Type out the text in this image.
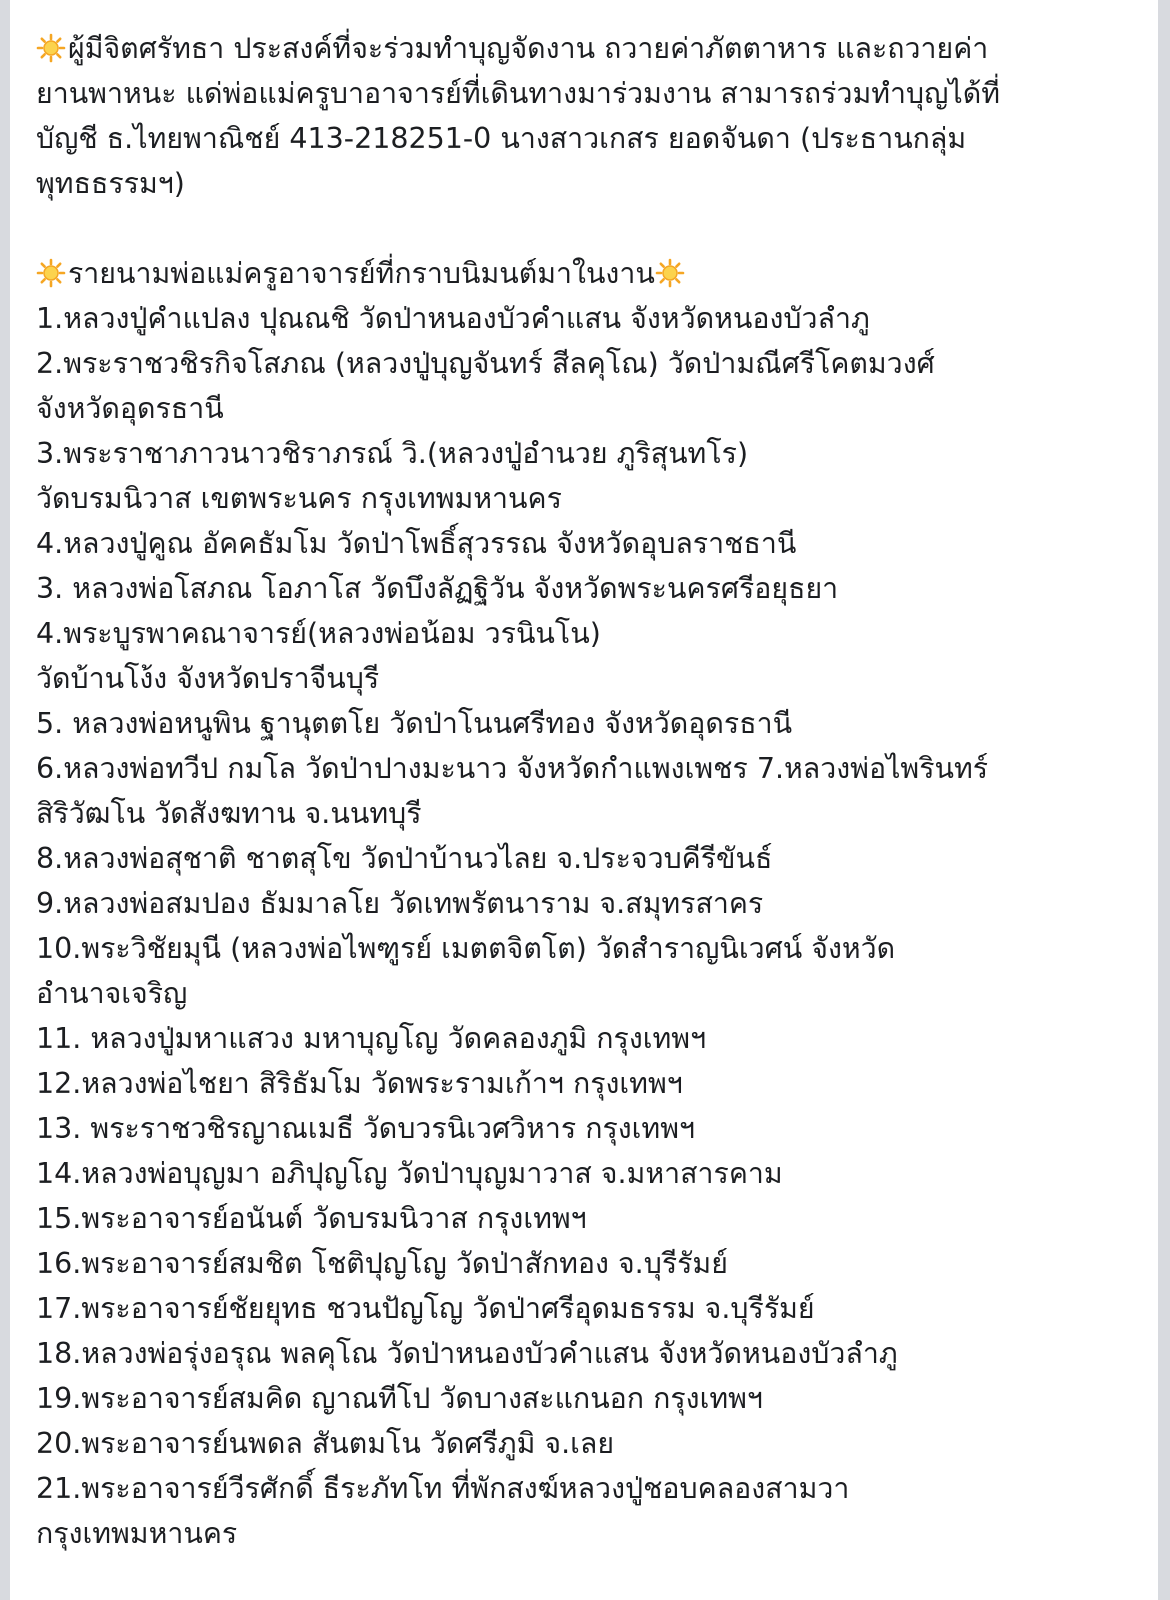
ผู้มีจิตศรัทธา ประสงค์ที่จะร่วมทำบุญจัดงาน ถวายค่าภัตตาหาร และถวายค่า
ยานพาหนะ แด่พ่อแม่ครูบาอาจารย์ที่เดินทางมาร่วมงาน สามารถร่วมทำบุญได้ที่
บัญชี ธ.ไทยพาณิชย์ 413-218251-0 นางสาวเกสร ยอดจันดา (ประธานกลุ่ม
พุทธธรรมฯ)
รายนามพ่อแม่ครูอาจารย์ที่กราบนิมนต์มาในงาน
1.หลวงปู่คำแปลง ปุณณชิ วัดป่าหนองบัวคำแสน จังหวัดหนองบัวลำภู
2.พระราชวชิรกิจโสภณ (หลวงปู่บุญจันทร์ สีลคุโณ) วัดป่ามณีศรีโคตมวงศ์
จังหวัดอุดรธานี
3.พระราชาภาวนาวชิราภรณ์ วิ.(หลวงปู่อำนวย ภูริสุนทโร)
วัดบรมนิวาส เขตพระนคร กรุงเทพมหานคร
4.หลวงปู่คูณ อัคคธัมโม วัดป่าโพธิ์สุวรรณ จังหวัดอุบลราชธานี
3. หลวงพ่อโสภณ โอภาโส วัดบึงลัฏฐิวัน จังหวัดพระนครศรีอยุธยา
4.พระบูรพาคณาจารย์(หลวงพ่อน้อม วรนินโน)
วัดบ้านโง้ง จังหวัดปราจีนบุรี
5. หลวงพ่อหนูพิน ฐานุตตโย วัดป่าโนนศรีทอง จังหวัดอุดรธานี
6.หลวงพ่อทวีป กมโล วัดป่าปางมะนาว จังหวัดกำแพงเพชร 7.หลวงพ่อไพรินทร์
สิริวัฒโน วัดสังฆทาน จ.นนทบุรี
8.หลวงพ่อสุชาติ ชาตสุโข วัดป่าบ้านวไลย จ.ประจวบคีรีขันธ์
9.หลวงพ่อสมปอง ธัมมาลโย วัดเทพรัตนาราม จ.สมุทรสาคร
10.พระวิชัยมุนี (หลวงพ่อไพฑูรย์ เมตตจิตโต) วัดสำราญนิเวศน์ จังหวัด
อำนาจเจริญ
11. หลวงปู่มหาแสวง มหาบุญโญ วัดคลองภูมิ กรุงเทพฯ
12.หลวงพ่อไชยา สิริธัมโม วัดพระรามเก้าฯ กรุงเทพฯ
13. พระราชวชิรญาณเมธี วัดบวรนิเวศวิหาร กรุงเทพฯ
14.หลวงพ่อบุญมา อภิปุญโญ วัดป่าบุญมาวาส จ.มหาสารคาม
15.พระอาจารย์อนันต์ วัดบรมนิวาส กรุงเทพฯ
16.พระอาจารย์สมชิต โชติปุญโญ วัดป่าสักทอง จ.บุรีรัมย์
17.พระอาจารย์ชัยยุทธ ชวนปัญโญ วัดป่าศรีอุดมธรรม จ.บุรีรัมย์
18.หลวงพ่อรุ่งอรุณ พลคุโณ วัดป่าหนองบัวคำแสน จังหวัดหนองบัวลำภู
19.พระอาจารย์สมคิด ญาณทีโป วัดบางสะแกนอก กรุงเทพฯ
20.พระอาจารย์นพดล สันตมโน วัดศรีภูมิ จ.เลย
21.พระอาจารย์วีรศักดิ์ ธีระภัทโท ที่พักสงฆ์หลวงปู่ชอบคลองสามวา
กรุงเทพมหานคร
